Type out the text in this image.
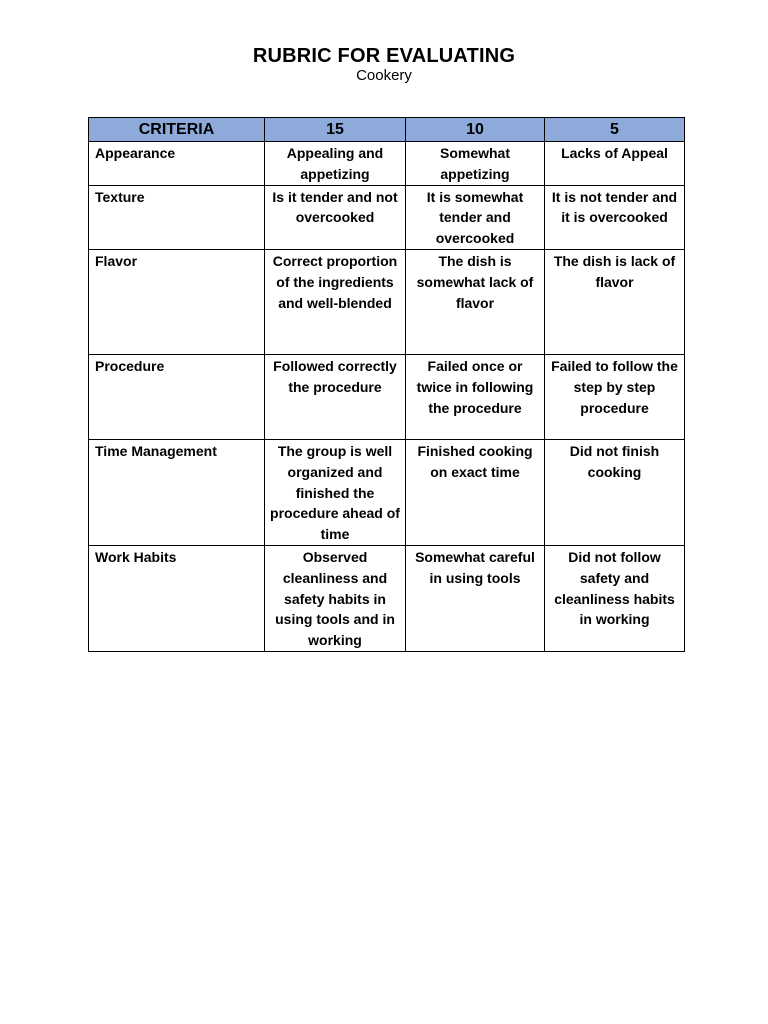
RUBRIC FOR EVALUATING
Cookery
CRITERIA	15	10	5
Appearance	Appealing and appetizing	Somewhat appetizing	Lacks of Appeal
Texture	Is it tender and not overcooked	It is somewhat tender and overcooked	It is not tender and it is overcooked
Flavor	Correct proportion of the ingredients and well-blended	The dish is somewhat lack of flavor	The dish is lack of flavor
Procedure	Followed correctly the procedure	Failed once or twice in following the procedure	Failed to follow the step by step procedure
Time Management	The group is well organized and finished the procedure ahead of time	Finished cooking on exact time	Did not finish cooking
Work Habits	Observed cleanliness and safety habits in using tools and in working	Somewhat careful in using tools	Did not follow safety and cleanliness habits in working
